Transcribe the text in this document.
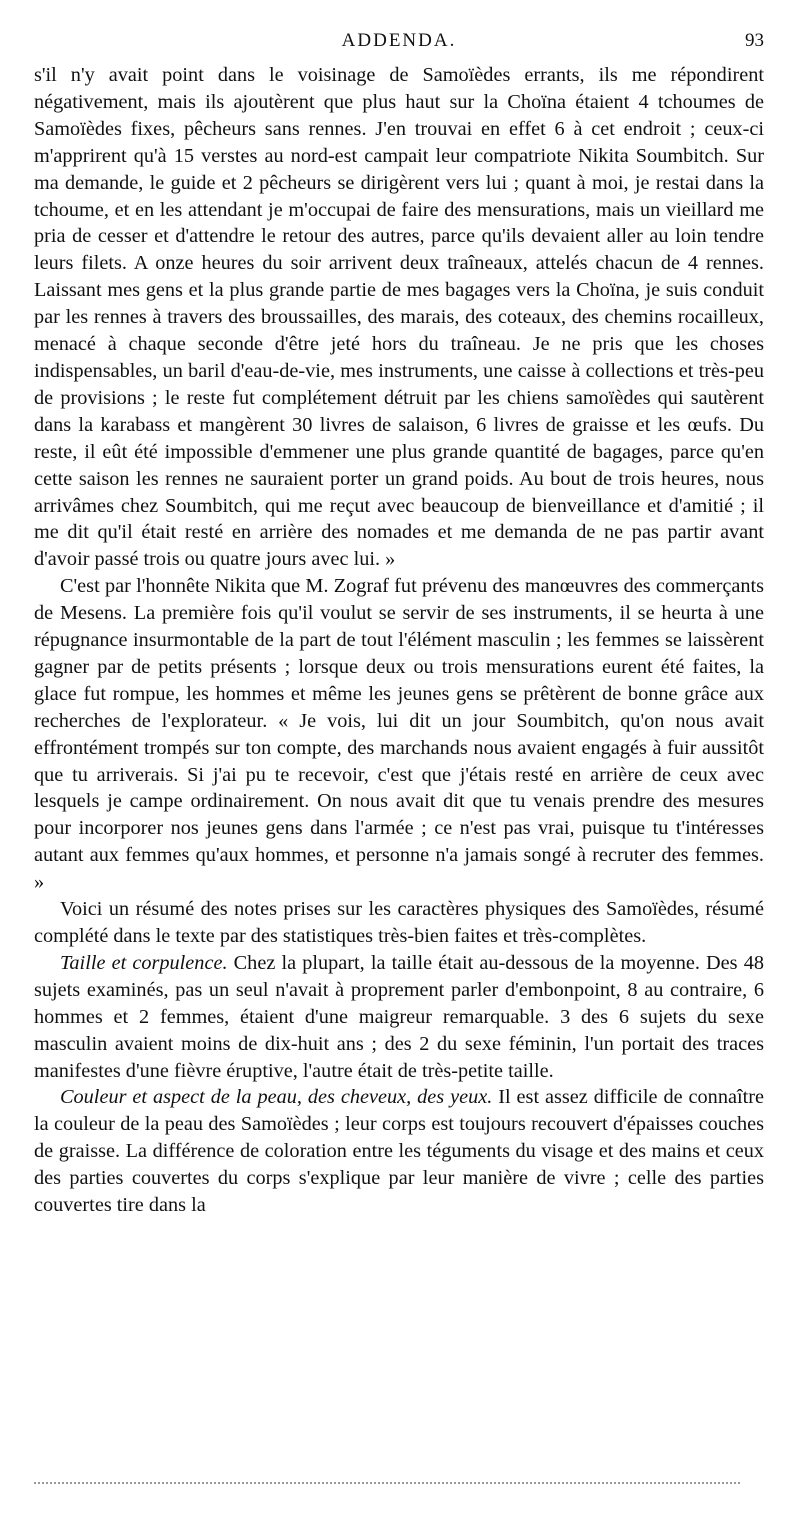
ADDENDA.	93

s'il n'y avait point dans le voisinage de Samoïèdes errants, ils me répondirent négativement, mais ils ajoutèrent que plus haut sur la Choïna étaient 4 tchoumes de Samoïèdes fixes, pêcheurs sans rennes. J'en trouvai en effet 6 à cet endroit ; ceux-ci m'apprirent qu'à 15 verstes au nord-est campait leur compatriote Nikita Soumbitch. Sur ma demande, le guide et 2 pêcheurs se dirigèrent vers lui ; quant à moi, je restai dans la tchoume, et en les attendant je m'occupai de faire des mensurations, mais un vieillard me pria de cesser et d'attendre le retour des autres, parce qu'ils devaient aller au loin tendre leurs filets. A onze heures du soir arrivent deux traîneaux, attelés chacun de 4 rennes. Laissant mes gens et la plus grande partie de mes bagages vers la Choïna, je suis conduit par les rennes à travers des broussailles, des marais, des coteaux, des chemins rocailleux, menacé à chaque seconde d'être jeté hors du traîneau. Je ne pris que les choses indispensables, un baril d'eau-de-vie, mes instruments, une caisse à collections et très-peu de provisions ; le reste fut complétement détruit par les chiens samoïèdes qui sautèrent dans la karabass et mangèrent 30 livres de salaison, 6 livres de graisse et les œufs. Du reste, il eût été impossible d'emmener une plus grande quantité de bagages, parce qu'en cette saison les rennes ne sauraient porter un grand poids. Au bout de trois heures, nous arrivâmes chez Soumbitch, qui me reçut avec beaucoup de bienveillance et d'amitié ; il me dit qu'il était resté en arrière des nomades et me demanda de ne pas partir avant d'avoir passé trois ou quatre jours avec lui. »

C'est par l'honnête Nikita que M. Zograf fut prévenu des manœuvres des commerçants de Mesens. La première fois qu'il voulut se servir de ses instruments, il se heurta à une répugnance insurmontable de la part de tout l'élément masculin ; les femmes se laissèrent gagner par de petits présents ; lorsque deux ou trois mensurations eurent été faites, la glace fut rompue, les hommes et même les jeunes gens se prêtèrent de bonne grâce aux recherches de l'explorateur. « Je vois, lui dit un jour Soumbitch, qu'on nous avait effrontément trompés sur ton compte, des marchands nous avaient engagés à fuir aussitôt que tu arriverais. Si j'ai pu te recevoir, c'est que j'étais resté en arrière de ceux avec lesquels je campe ordinairement. On nous avait dit que tu venais prendre des mesures pour incorporer nos jeunes gens dans l'armée ; ce n'est pas vrai, puisque tu t'intéresses autant aux femmes qu'aux hommes, et personne n'a jamais songé à recruter des femmes. »

Voici un résumé des notes prises sur les caractères physiques des Samoïèdes, résumé complété dans le texte par des statistiques très-bien faites et très-complètes.

Taille et corpulence. Chez la plupart, la taille était au-dessous de la moyenne. Des 48 sujets examinés, pas un seul n'avait à proprement parler d'embonpoint, 8 au contraire, 6 hommes et 2 femmes, étaient d'une maigreur remarquable. 3 des 6 sujets du sexe masculin avaient moins de dix-huit ans ; des 2 du sexe féminin, l'un portait des traces manifestes d'une fièvre éruptive, l'autre était de très-petite taille.

Couleur et aspect de la peau, des cheveux, des yeux. Il est assez difficile de connaître la couleur de la peau des Samoïèdes ; leur corps est toujours recouvert d'épaisses couches de graisse. La différence de coloration entre les téguments du visage et des mains et ceux des parties couvertes du corps s'explique par leur manière de vivre ; celle des parties couvertes tire dans la
